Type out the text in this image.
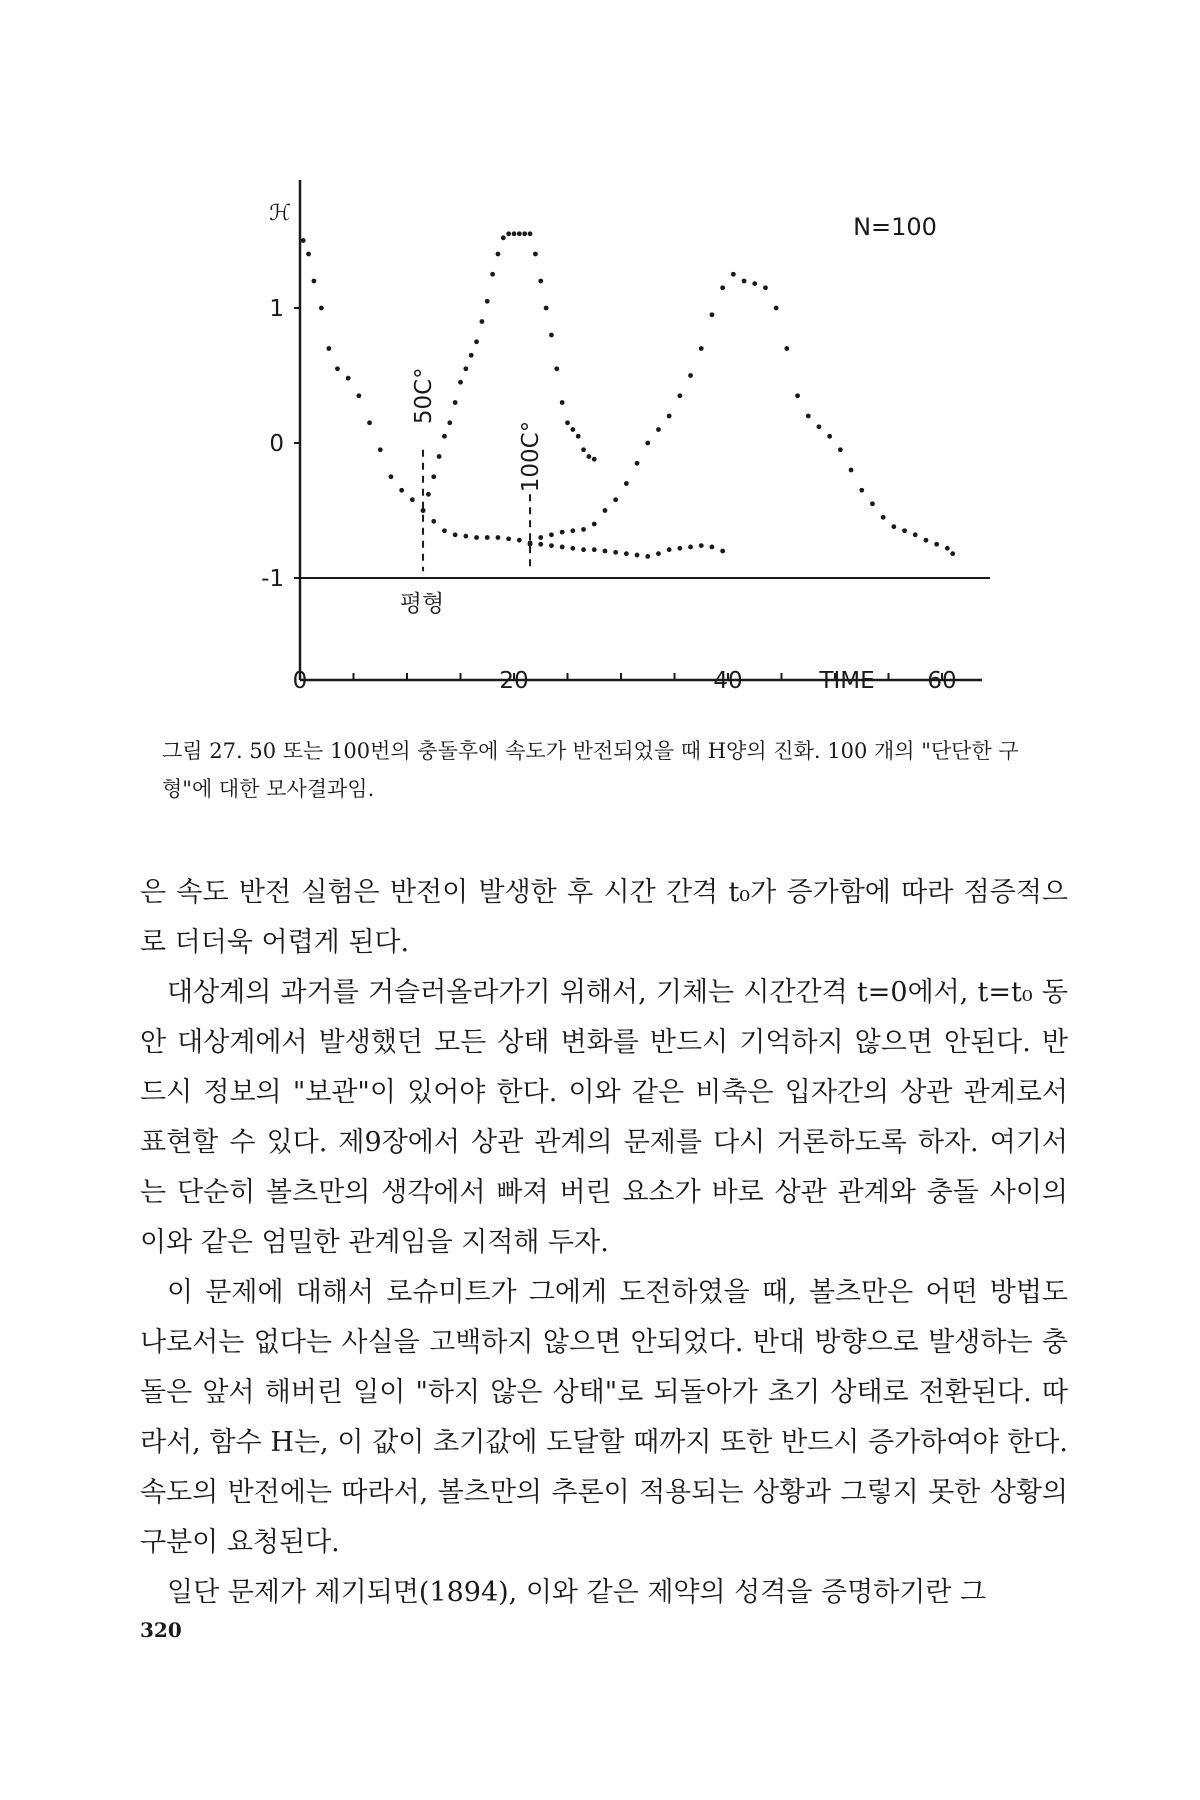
0	20	40	TIME 60
1
0
-1
ℋ	N=100
평형
50C°
100C°
그림 27. 50 또는 100번의 충돌후에 속도가 반전되었을 때 H양의 진화. 100 개의 "단단한 구형"에 대한 모사결과임.

은 속도 반전 실험은 반전이 발생한 후 시간 간격 t₀가 증가함에 따라 점증적으로 더더욱 어렵게 된다.

대상계의 과거를 거슬러올라가기 위해서, 기체는 시간간격 t=0에서, t=t₀ 동안 대상계에서 발생했던 모든 상태 변화를 반드시 기억하지 않으면 안된다. 반드시 정보의 "보관"이 있어야 한다. 이와 같은 비축은 입자간의 상관 관계로서 표현할 수 있다. 제9장에서 상관 관계의 문제를 다시 거론하도록 하자. 여기서는 단순히 볼츠만의 생각에서 빠져 버린 요소가 바로 상관 관계와 충돌 사이의 이와 같은 엄밀한 관계임을 지적해 두자.

이 문제에 대해서 로슈미트가 그에게 도전하였을 때, 볼츠만은 어떤 방법도 나로서는 없다는 사실을 고백하지 않으면 안되었다. 반대 방향으로 발생하는 충돌은 앞서 해버린 일이 "하지 않은 상태"로 되돌아가 초기 상태로 전환된다. 따라서, 함수 H는, 이 값이 초기값에 도달할 때까지 또한 반드시 증가하여야 한다. 속도의 반전에는 따라서, 볼츠만의 추론이 적용되는 상황과 그렇지 못한 상황의 구분이 요청된다.

일단 문제가 제기되면(1894), 이와 같은 제약의 성격을 증명하기란 그

320
